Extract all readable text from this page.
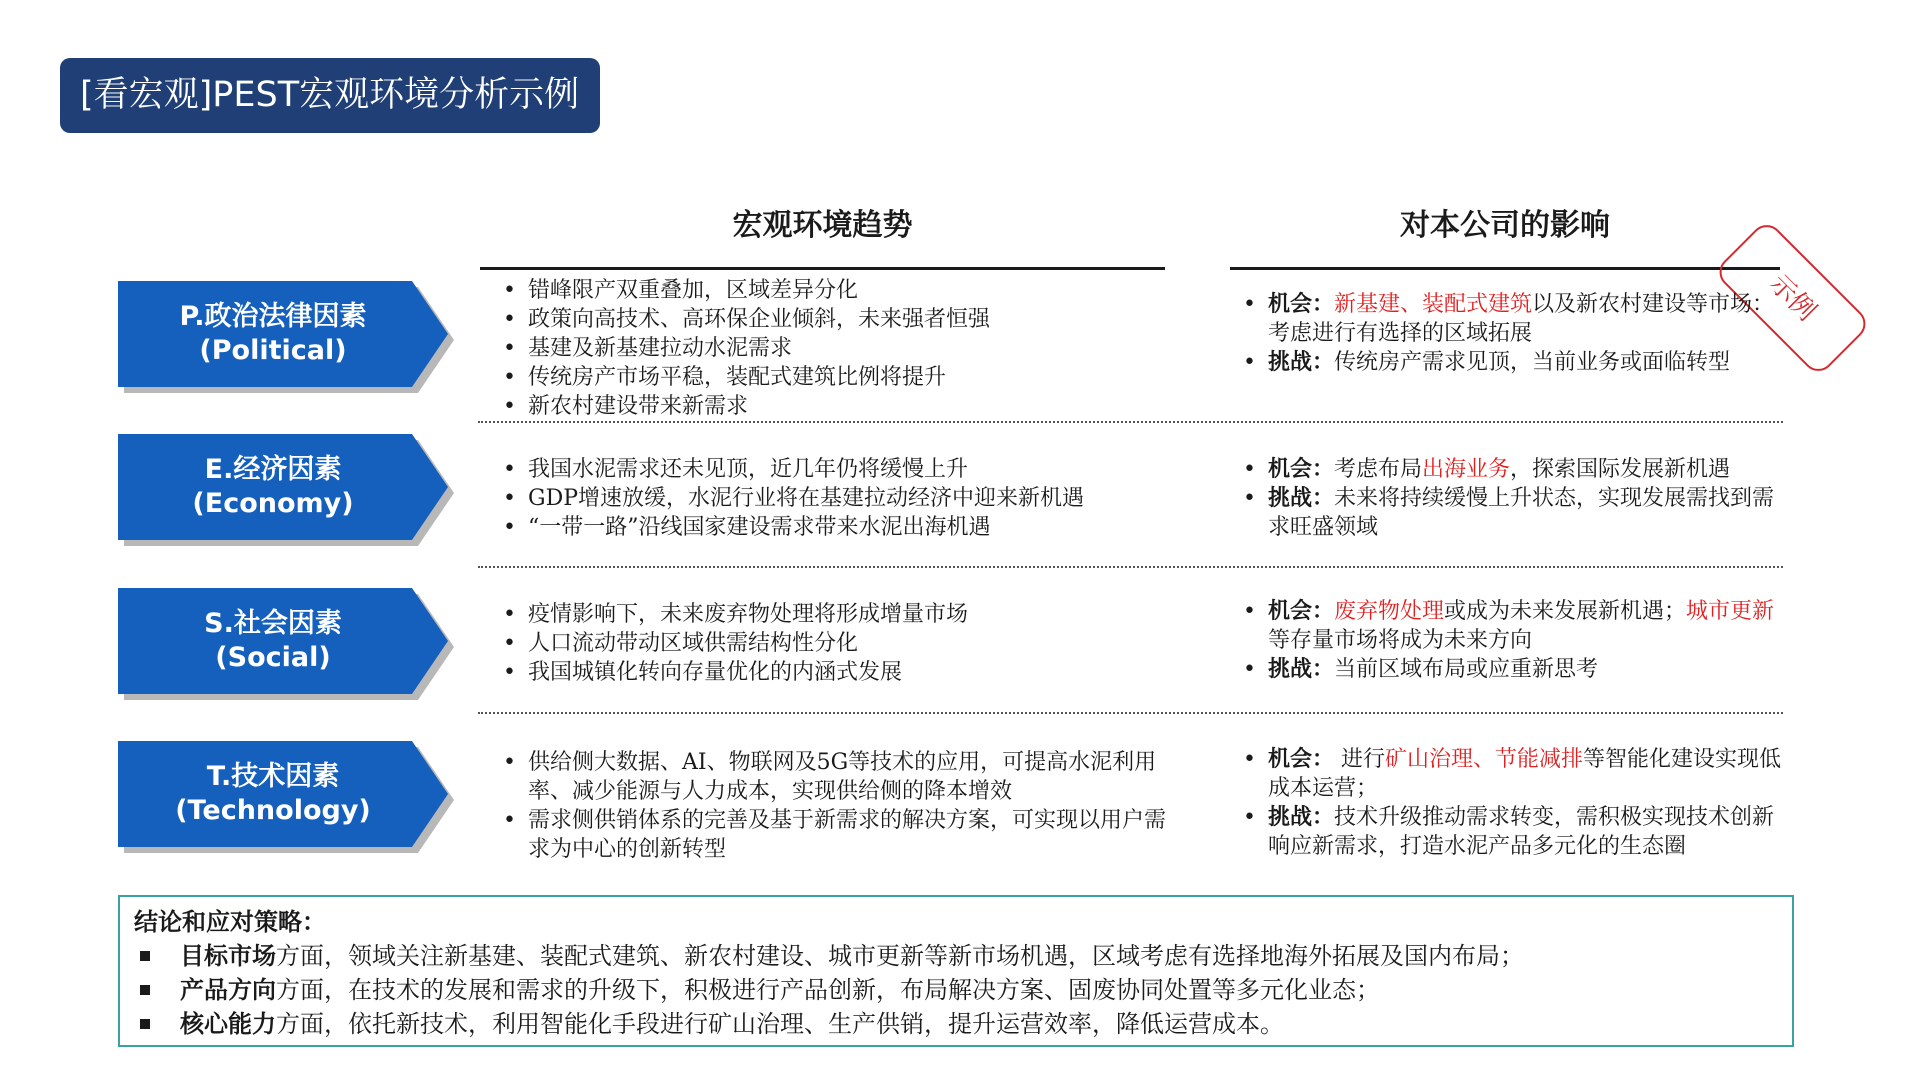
[看宏观]PEST宏观环境分析示例
宏观环境趋势	对本公司的影响
示例
P.政治法律因素
(Political)
E.经济因素
(Economy)
S.社会因素
(Social)
T.技术因素
(Technology)
• 错峰限产双重叠加，区域差异分化
• 政策向高技术、高环保企业倾斜，未来强者恒强
• 基建及新基建拉动水泥需求
• 传统房产市场平稳，装配式建筑比例将提升
• 新农村建设带来新需求
• 我国水泥需求还未见顶，近几年仍将缓慢上升
• GDP增速放缓，水泥行业将在基建拉动经济中迎来新机遇
• “一带一路”沿线国家建设需求带来水泥出海机遇
• 疫情影响下，未来废弃物处理将形成增量市场
• 人口流动带动区域供需结构性分化
• 我国城镇化转向存量优化的内涵式发展
• 供给侧大数据、AI、物联网及5G等技术的应用，可提高水泥利用率、减少能源与人力成本，实现供给侧的降本增效
• 需求侧供销体系的完善及基于新需求的解决方案，可实现以用户需求为中心的创新转型
• 机会：新基建、装配式建筑以及新农村建设等市场：考虑进行有选择的区域拓展
• 挑战：传统房产需求见顶，当前业务或面临转型
• 机会：考虑布局出海业务，探索国际发展新机遇
• 挑战：未来将持续缓慢上升状态，实现发展需找到需求旺盛领域
• 机会：废弃物处理或成为未来发展新机遇；城市更新等存量市场将成为未来方向
• 挑战：当前区域布局或应重新思考
• 机会： 进行矿山治理、节能减排等智能化建设实现低成本运营；
• 挑战：技术升级推动需求转变，需积极实现技术创新响应新需求，打造水泥产品多元化的生态圈
结论和应对策略：
目标市场方面，领域关注新基建、装配式建筑、新农村建设、城市更新等新市场机遇，区域考虑有选择地海外拓展及国内布局；
产品方向方面，在技术的发展和需求的升级下，积极进行产品创新，布局解决方案、固废协同处置等多元化业态；
核心能力方面，依托新技术，利用智能化手段进行矿山治理、生产供销，提升运营效率，降低运营成本。
